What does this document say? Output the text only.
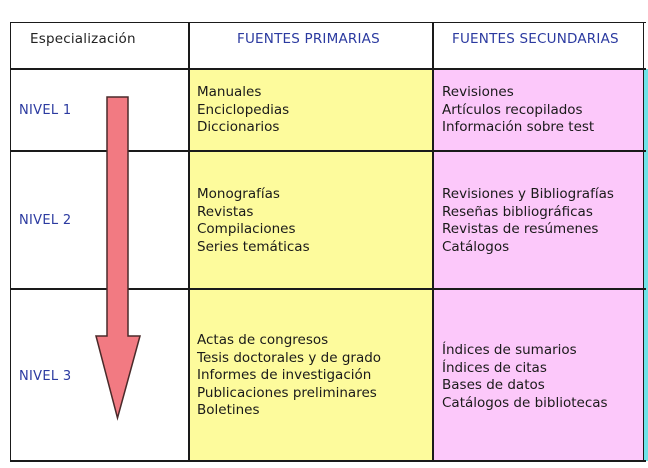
Especialización	FUENTES PRIMARIAS	FUENTES SECUNDARIAS
NIVEL 1
NIVEL 2
NIVEL 3
Manuales
Enciclopedias
Diccionarios
Revisiones
Artículos recopilados
Información sobre test
Monografías
Revistas
Compilaciones
Series temáticas
Revisiones y Bibliografías
Reseñas bibliográficas
Revistas de resúmenes
Catálogos
Actas de congresos
Tesis doctorales y de grado
Informes de investigación
Publicaciones preliminares
Boletines
Índices de sumarios
Índices de citas
Bases de datos
Catálogos de bibliotecas
